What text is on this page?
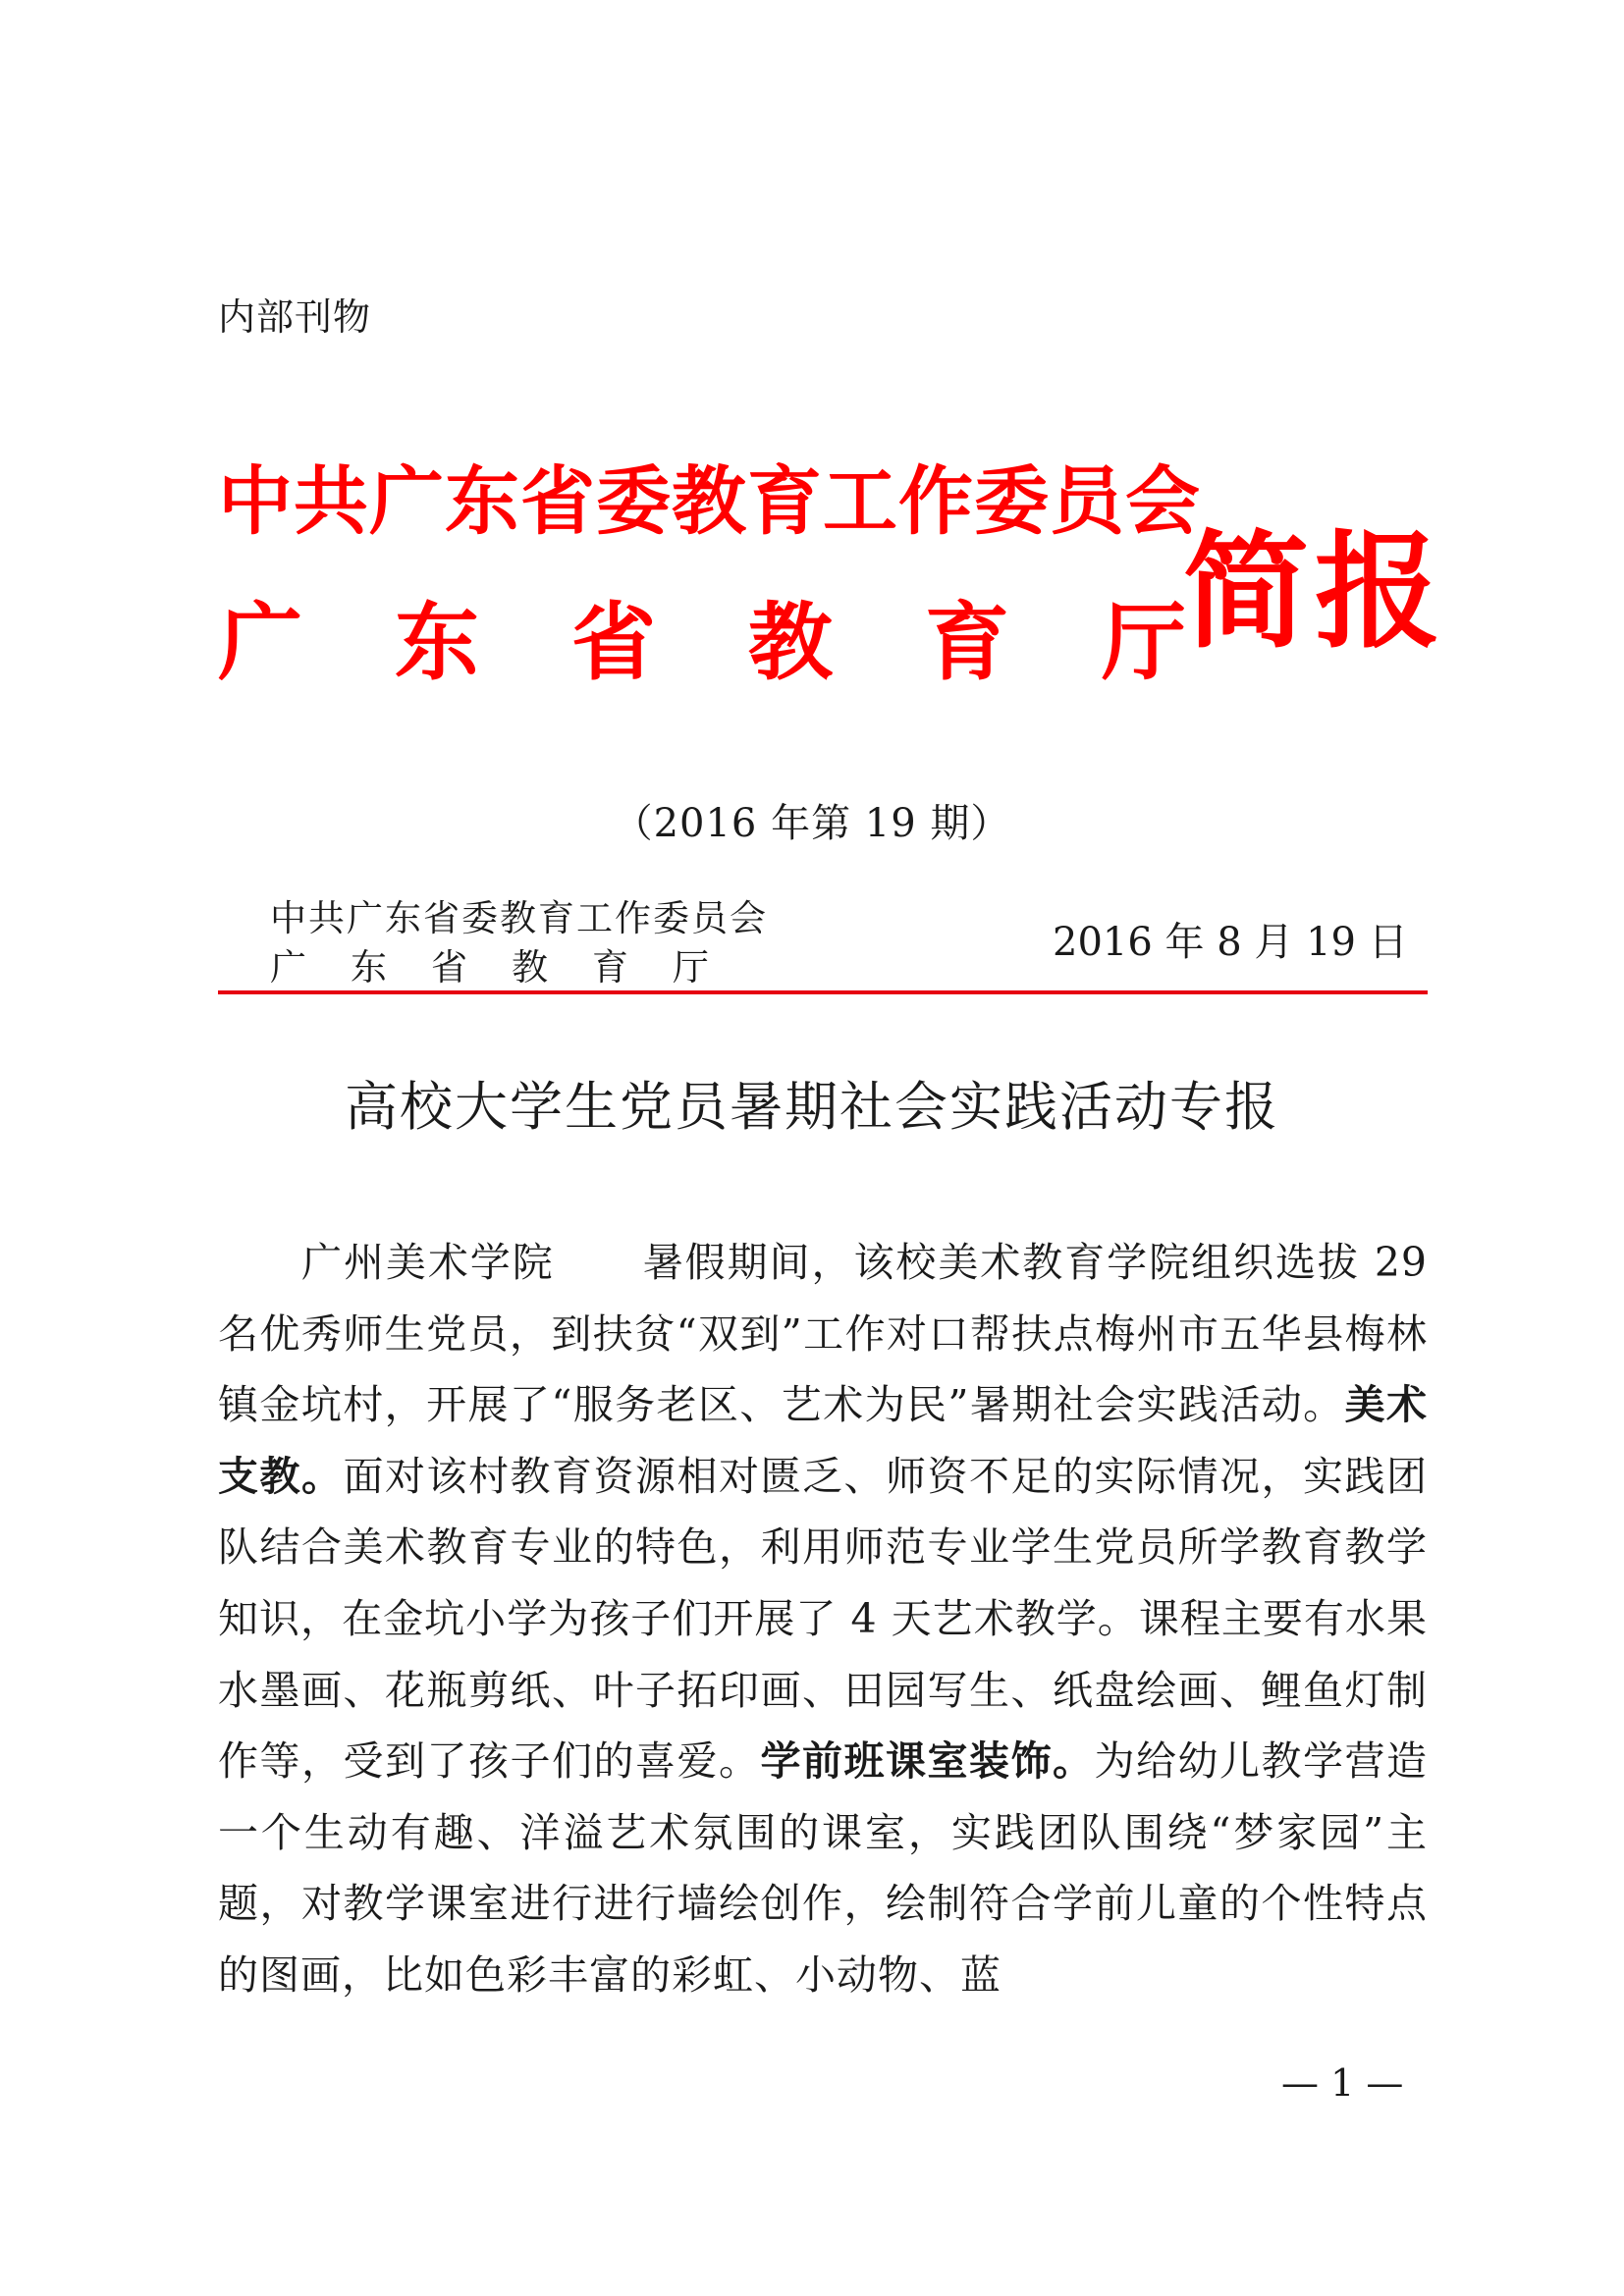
内部刊物
中共广东省委教育工作委员会
广东省教育厅
简报
（2016 年第 19 期）
中共广东省委教育工作委员会
广东省教育厅
2016 年 8 月 19 日
高校大学生党员暑期社会实践活动专报

广州美术学院 暑假期间，该校美术教育学院组织选拔 29 名优秀师生党员，到扶贫“双到”工作对口帮扶点梅州市五华县梅林镇金坑村，开展了“服务老区、艺术为民”暑期社会实践活动。美术支教。面对该村教育资源相对匮乏、师资不足的实际情况，实践团队结合美术教育专业的特色，利用师范专业学生党员所学教育教学知识，在金坑小学为孩子们开展了 4 天艺术教学。课程主要有水果水墨画、花瓶剪纸、叶子拓印画、田园写生、纸盘绘画、鲤鱼灯制作等，受到了孩子们的喜爱。学前班课室装饰。为给幼儿教学营造一个生动有趣、洋溢艺术氛围的课室，实践团队围绕“梦家园”主题，对教学课室进行进行墙绘创作，绘制符合学前儿童的个性特点的图画，比如色彩丰富的彩虹、小动物、蓝

— 1 —
